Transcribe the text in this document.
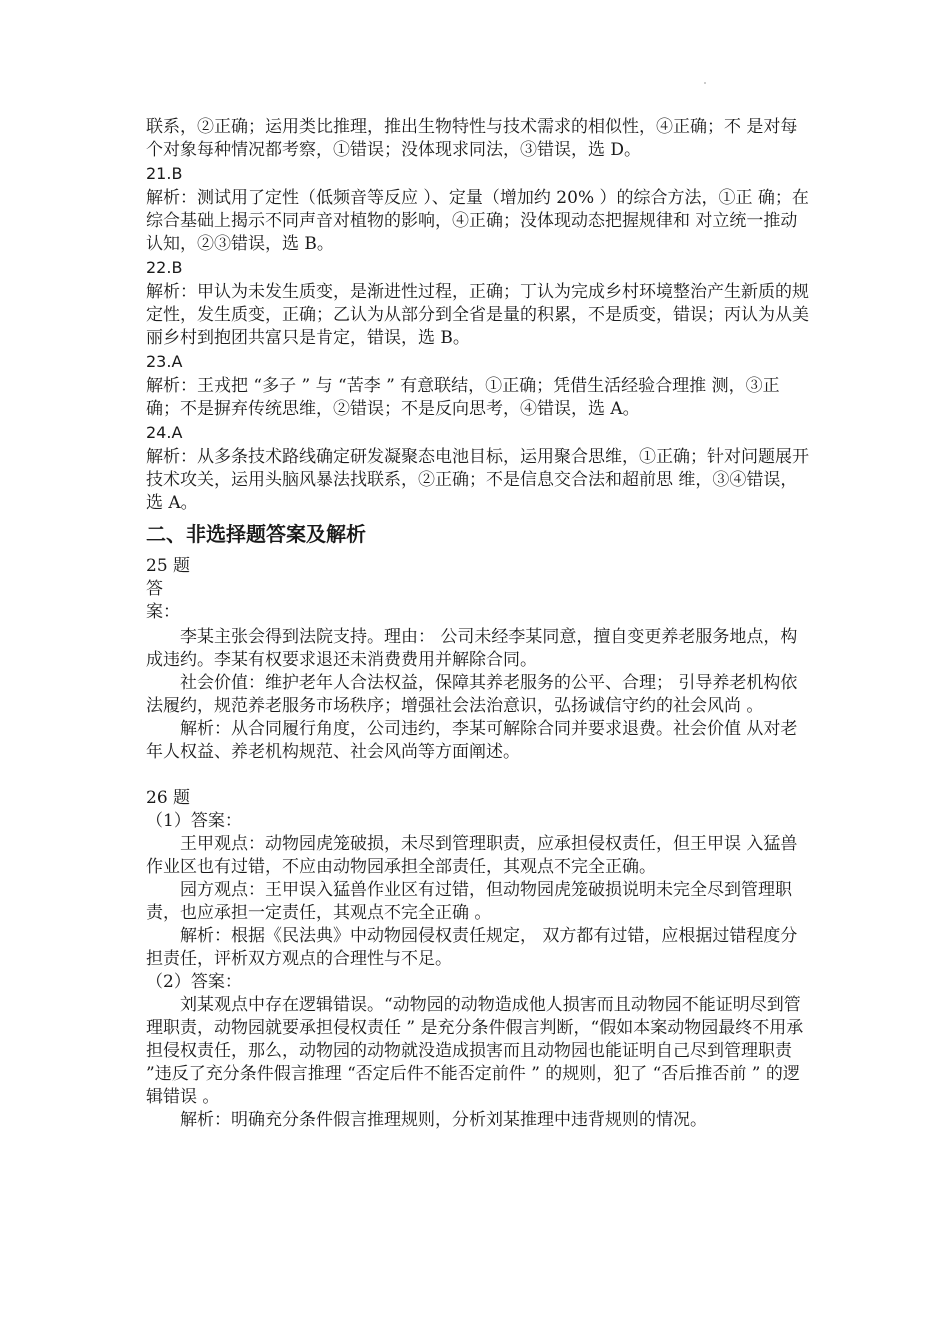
联系，②正确；运用类比推理，推出生物特性与技术需求的相似性，④正确；不 是对每个对象每种情况都考察，①错误；没体现求同法，③错误，选 D。

21.B

解析：测试用了定性（低频音等反应 ）、定量（增加约 20% ）的综合方法，①正 确；在综合基础上揭示不同声音对植物的影响，④正确；没体现动态把握规律和 对立统一推动认知，②③错误，选 B。

22.B

解析：甲认为未发生质变，是渐进性过程，正确；丁认为完成乡村环境整治产生新质的规定性，发生质变，正确；乙认为从部分到全省是量的积累，不是质变，错误；丙认为从美丽乡村到抱团共富只是肯定，错误，选 B。

23.A

解析：王戎把 “多子 ” 与 “苦李 ” 有意联结，①正确；凭借生活经验合理推 测，③正确；不是摒弃传统思维，②错误；不是反向思考，④错误，选 A。

24.A

解析：从多条技术路线确定研发凝聚态电池目标，运用聚合思维，①正确；针对问题展开技术攻关，运用头脑风暴法找联系，②正确；不是信息交合法和超前思 维，③④错误，选 A。

二、非选择题答案及解析

25 题

答案：

李某主张会得到法院支持。理由： 公司未经李某同意，擅自变更养老服务地点，构成违约。李某有权要求退还未消费费用并解除合同。

社会价值：维护老年人合法权益，保障其养老服务的公平、合理； 引导养老机构依法履约，规范养老服务市场秩序；增强社会法治意识，弘扬诚信守约的社会风尚 。

解析：从合同履行角度，公司违约，李某可解除合同并要求退费。社会价值 从对老年人权益、养老机构规范、社会风尚等方面阐述。

26 题

（1）答案：

王甲观点：动物园虎笼破损，未尽到管理职责，应承担侵权责任，但王甲误 入猛兽作业区也有过错，不应由动物园承担全部责任，其观点不完全正确。

园方观点：王甲误入猛兽作业区有过错，但动物园虎笼破损说明未完全尽到管理职责，也应承担一定责任，其观点不完全正确 。

解析：根据《民法典》中动物园侵权责任规定， 双方都有过错，应根据过错程度分担责任，评析双方观点的合理性与不足。

（2）答案：

刘某观点中存在逻辑错误。“动物园的动物造成他人损害而且动物园不能证明尽到管理职责，动物园就要承担侵权责任 ” 是充分条件假言判断，“假如本案动物园最终不用承担侵权责任，那么，动物园的动物就没造成损害而且动物园也能证明自己尽到管理职责 ”违反了充分条件假言推理 “否定后件不能否定前件 ” 的规则，犯了 “否后推否前 ” 的逻辑错误 。

解析：明确充分条件假言推理规则，分析刘某推理中违背规则的情况。
